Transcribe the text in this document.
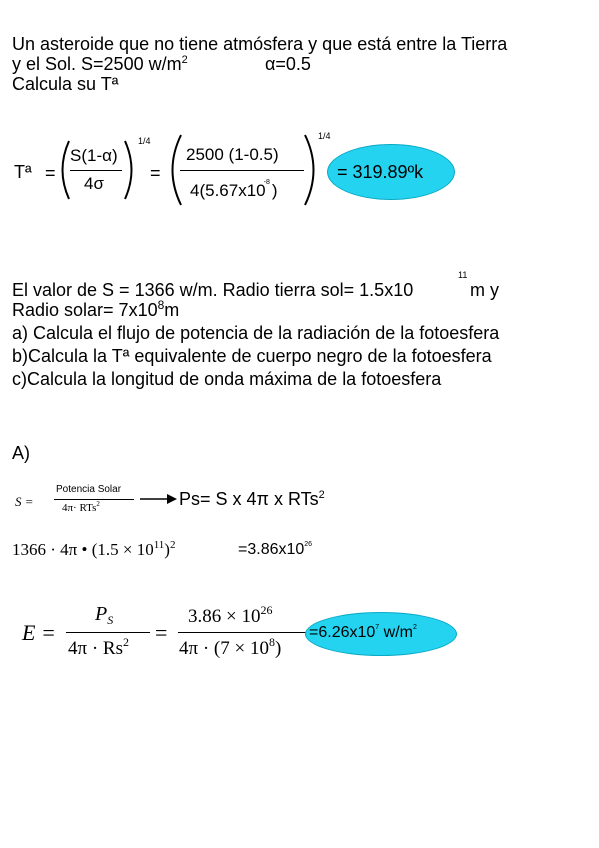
Un asteroide que no tiene atmósfera y que está entre la Tierra
y el Sol. S=2500 $w/m^2$	α=0.5
Calcula su Tª
Tª =
S(1-α)
4σ
1/4
=
2500 (1-0.5)
$4(5.67x10^{-8}$ )
1/4
= 319.89ºk
El valor de S = 1366 w/m. Radio tierra sol= 1.5x10
11
m y
Radio solar= $7x10^8m$
a) Calcula el flujo de potencia de la radiación de la fotoesfera
b)Calcula la Tª equivalente de cuerpo negro de la fotoesfera
c)Calcula la longitud de onda máxima de la fotoesfera
A)
S =
Potencia Solar
4π· RTs$^2$	Ps= S x 4π x RTs$^2$
1366 · 4π • $(1.5 \times 10^{11})^2$	$=3.86x10^{26}$
E =
$P_S$
$4\pi \cdot Rs^2$ =
$3.86 \times 10^{26}$
$4\pi \cdot (7 \times 10^8)$
$=6.26x10^7$ $w/m^2$
